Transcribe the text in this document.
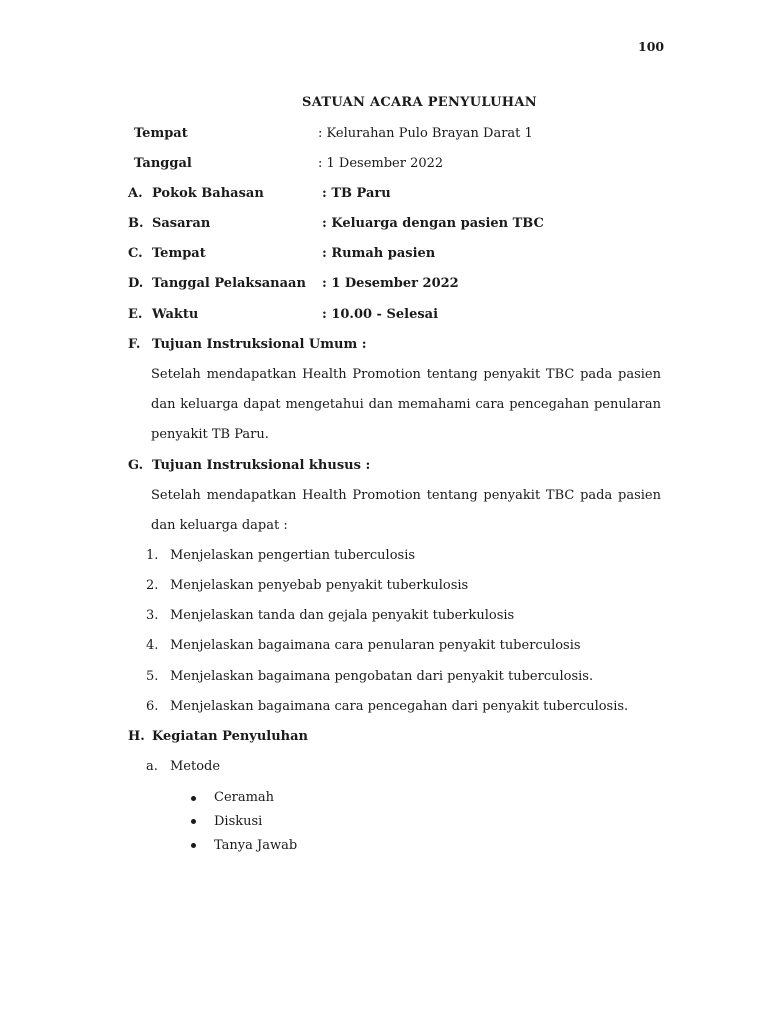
100
SATUAN ACARA PENYULUHAN
Tempat	: Kelurahan Pulo Brayan Darat 1
Tanggal	: 1 Desember 2022
A. Pokok Bahasan	: TB Paru
B. Sasaran	: Keluarga dengan pasien TBC
C. Tempat	: Rumah pasien
D. Tanggal Pelaksanaan : 1 Desember 2022
E. Waktu	: 10.00 - Selesai
F. Tujuan Instruksional Umum :
Setelah mendapatkan Health Promotion tentang penyakit TBC pada pasien dan keluarga dapat mengetahui dan memahami cara pencegahan penularan penyakit TB Paru.
G. Tujuan Instruksional khusus :
Setelah mendapatkan Health Promotion tentang penyakit TBC pada pasien dan keluarga dapat :
1. Menjelaskan pengertian tuberculosis
2. Menjelaskan penyebab penyakit tuberkulosis
3. Menjelaskan tanda dan gejala penyakit tuberkulosis
4. Menjelaskan bagaimana cara penularan penyakit tuberculosis
5. Menjelaskan bagaimana pengobatan dari penyakit tuberculosis.
6. Menjelaskan bagaimana cara pencegahan dari penyakit tuberculosis.
H. Kegiatan Penyuluhan
a. Metode
Ceramah
Diskusi
Tanya Jawab
